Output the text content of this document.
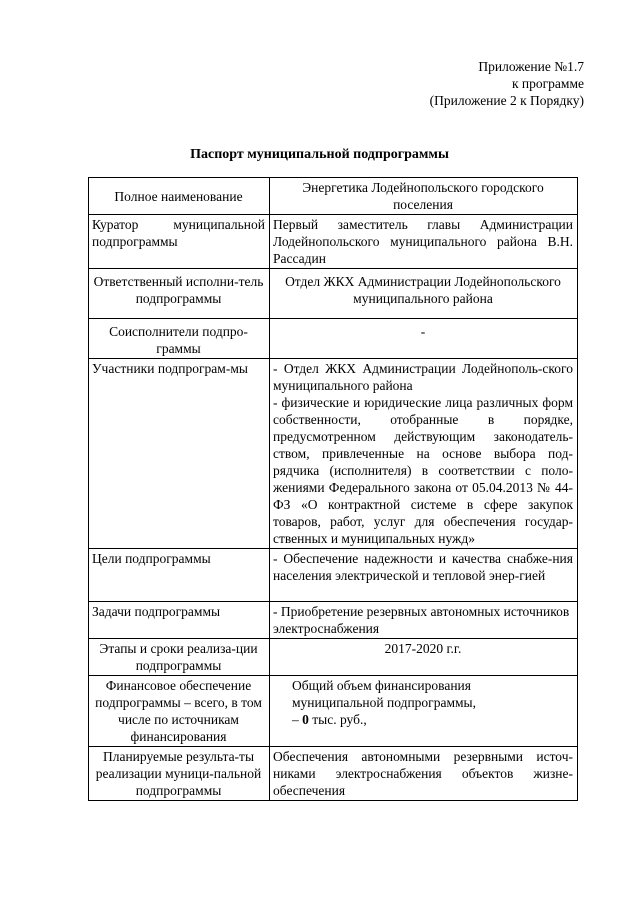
Приложение №1.7
к программе
(Приложение 2 к Порядку)
Паспорт муниципальной подпрограммы
Полное наименование	Энергетика Лодейнопольского городского поселения
Куратор муниципальной подпрограммы	Первый заместитель главы Администрации Лодейнопольского муниципального района В.Н. Рассадин
Ответственный исполни-тель подпрограммы	Отдел ЖКХ Администрации Лодейнопольского муниципального района
Соисполнители подпро-граммы	-
Участники подпрограм-мы	- Отдел ЖКХ Администрации Лодейнополь-ского муниципального района
- физические и юридические лица различных форм собственности, отобранные в порядке, предусмотренном действующим законодатель-ством, привлеченные на основе выбора под-рядчика (исполнителя) в соответствии с поло-жениями Федерального закона от 05.04.2013 № 44-ФЗ «О контрактной системе в сфере закупок товаров, работ, услуг для обеспечения государ-ственных и муниципальных нужд»

Цели подпрограммы	- Обеспечение надежности и качества снабже-ния населения электрической и тепловой энер-гией
Задачи подпрограммы	- Приобретение резервных автономных источников электроснабжения
Этапы и сроки реализа-ции подпрограммы	2017-2020 г.г.
Финансовое обеспечение подпрограммы – всего, в том числе по источникам финансирования	Общий объем финансирования
муниципальной подпрограммы,
– 0 тыс. руб.,

Планируемые результа-ты реализации муници-пальной подпрограммы	Обеспечения автономными резервными источ-никами электроснабжения объектов жизне-обеспечения
